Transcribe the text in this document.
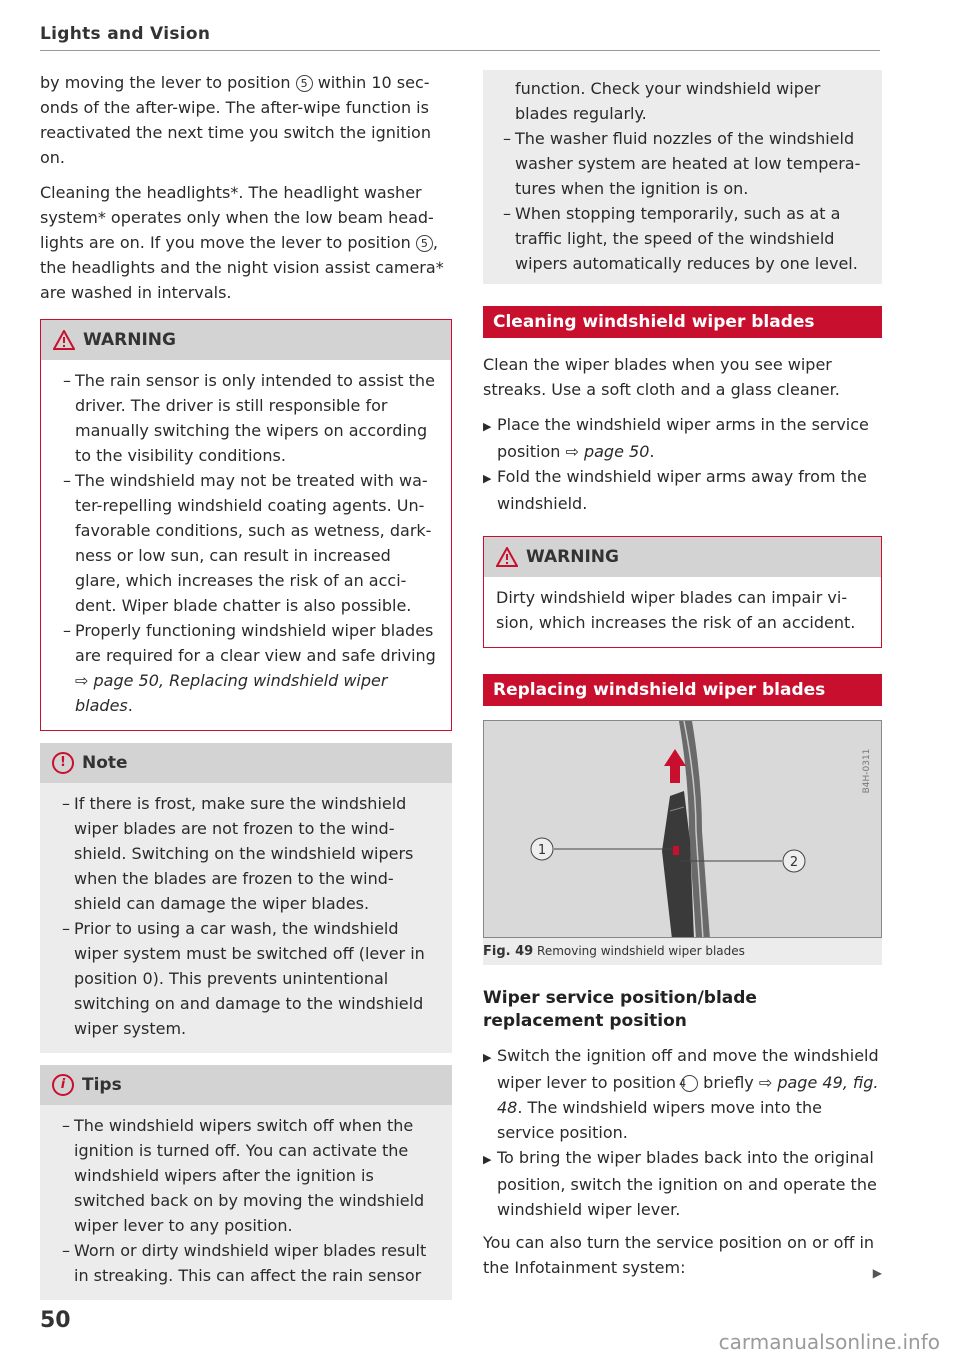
Lights and Vision

by moving the lever to position 5 within 10 sec-onds of the after-wipe. The after-wipe function is reactivated the next time you switch the ignition on.

Cleaning the headlights*. The headlight washer system* operates only when the low beam head-lights are on. If you move the lever to position 5 , the headlights and the night vision assist camera* are washed in intervals.

WARNING
– The rain sensor is only intended to assist the driver. The driver is still responsible for manually switching the wipers on according to the visibility conditions.
– The windshield may not be treated with wa-ter-repelling windshield coating agents. Un-favorable conditions, such as wetness, dark-ness or low sun, can result in increased glare, which increases the risk of an acci-dent. Wiper blade chatter is also possible.
– Properly functioning windshield wiper blades are required for a clear view and safe driving ⇨ page 50, Replacing windshield wiper blades.
! Note
– If there is frost, make sure the windshield wiper blades are not frozen to the wind-shield. Switching on the windshield wipers when the blades are frozen to the wind-shield can damage the wiper blades.
– Prior to using a car wash, the windshield wiper system must be switched off (lever in position 0). This prevents unintentional switching on and damage to the windshield wiper system.
i Tips
– The windshield wipers switch off when the ignition is turned off. You can activate the windshield wipers after the ignition is switched back on by moving the windshield wiper lever to any position.
– Worn or dirty windshield wiper blades result in streaking. This can affect the rain sensor
function. Check your windshield wiper blades regularly.
– The washer fluid nozzles of the windshield washer system are heated at low tempera-tures when the ignition is on.
– When stopping temporarily, such as at a traffic light, the speed of the windshield wipers automatically reduces by one level.
Cleaning windshield wiper blades

Clean the wiper blades when you see wiper streaks. Use a soft cloth and a glass cleaner.

▶ Place the windshield wiper arms in the service position ⇨ page 50.
▶ Fold the windshield wiper arms away from the windshield.
WARNING

Dirty windshield wiper blades can impair vi-sion, which increases the risk of an accident.

Replacing windshield wiper blades
B4H-0311
1
2
Fig. 49 Removing windshield wiper blades
Wiper service position/blade replacement position
▶ Switch the ignition off and move the windshield wiper lever to position 4 briefly ⇨ page 49, fig. 48. The windshield wipers move into the service position.
▶ To bring the wiper blades back into the original position, switch the ignition on and operate the windshield wiper lever.

You can also turn the service position on or off in the Infotainment system:	▶

50
carmanualsonline.info
